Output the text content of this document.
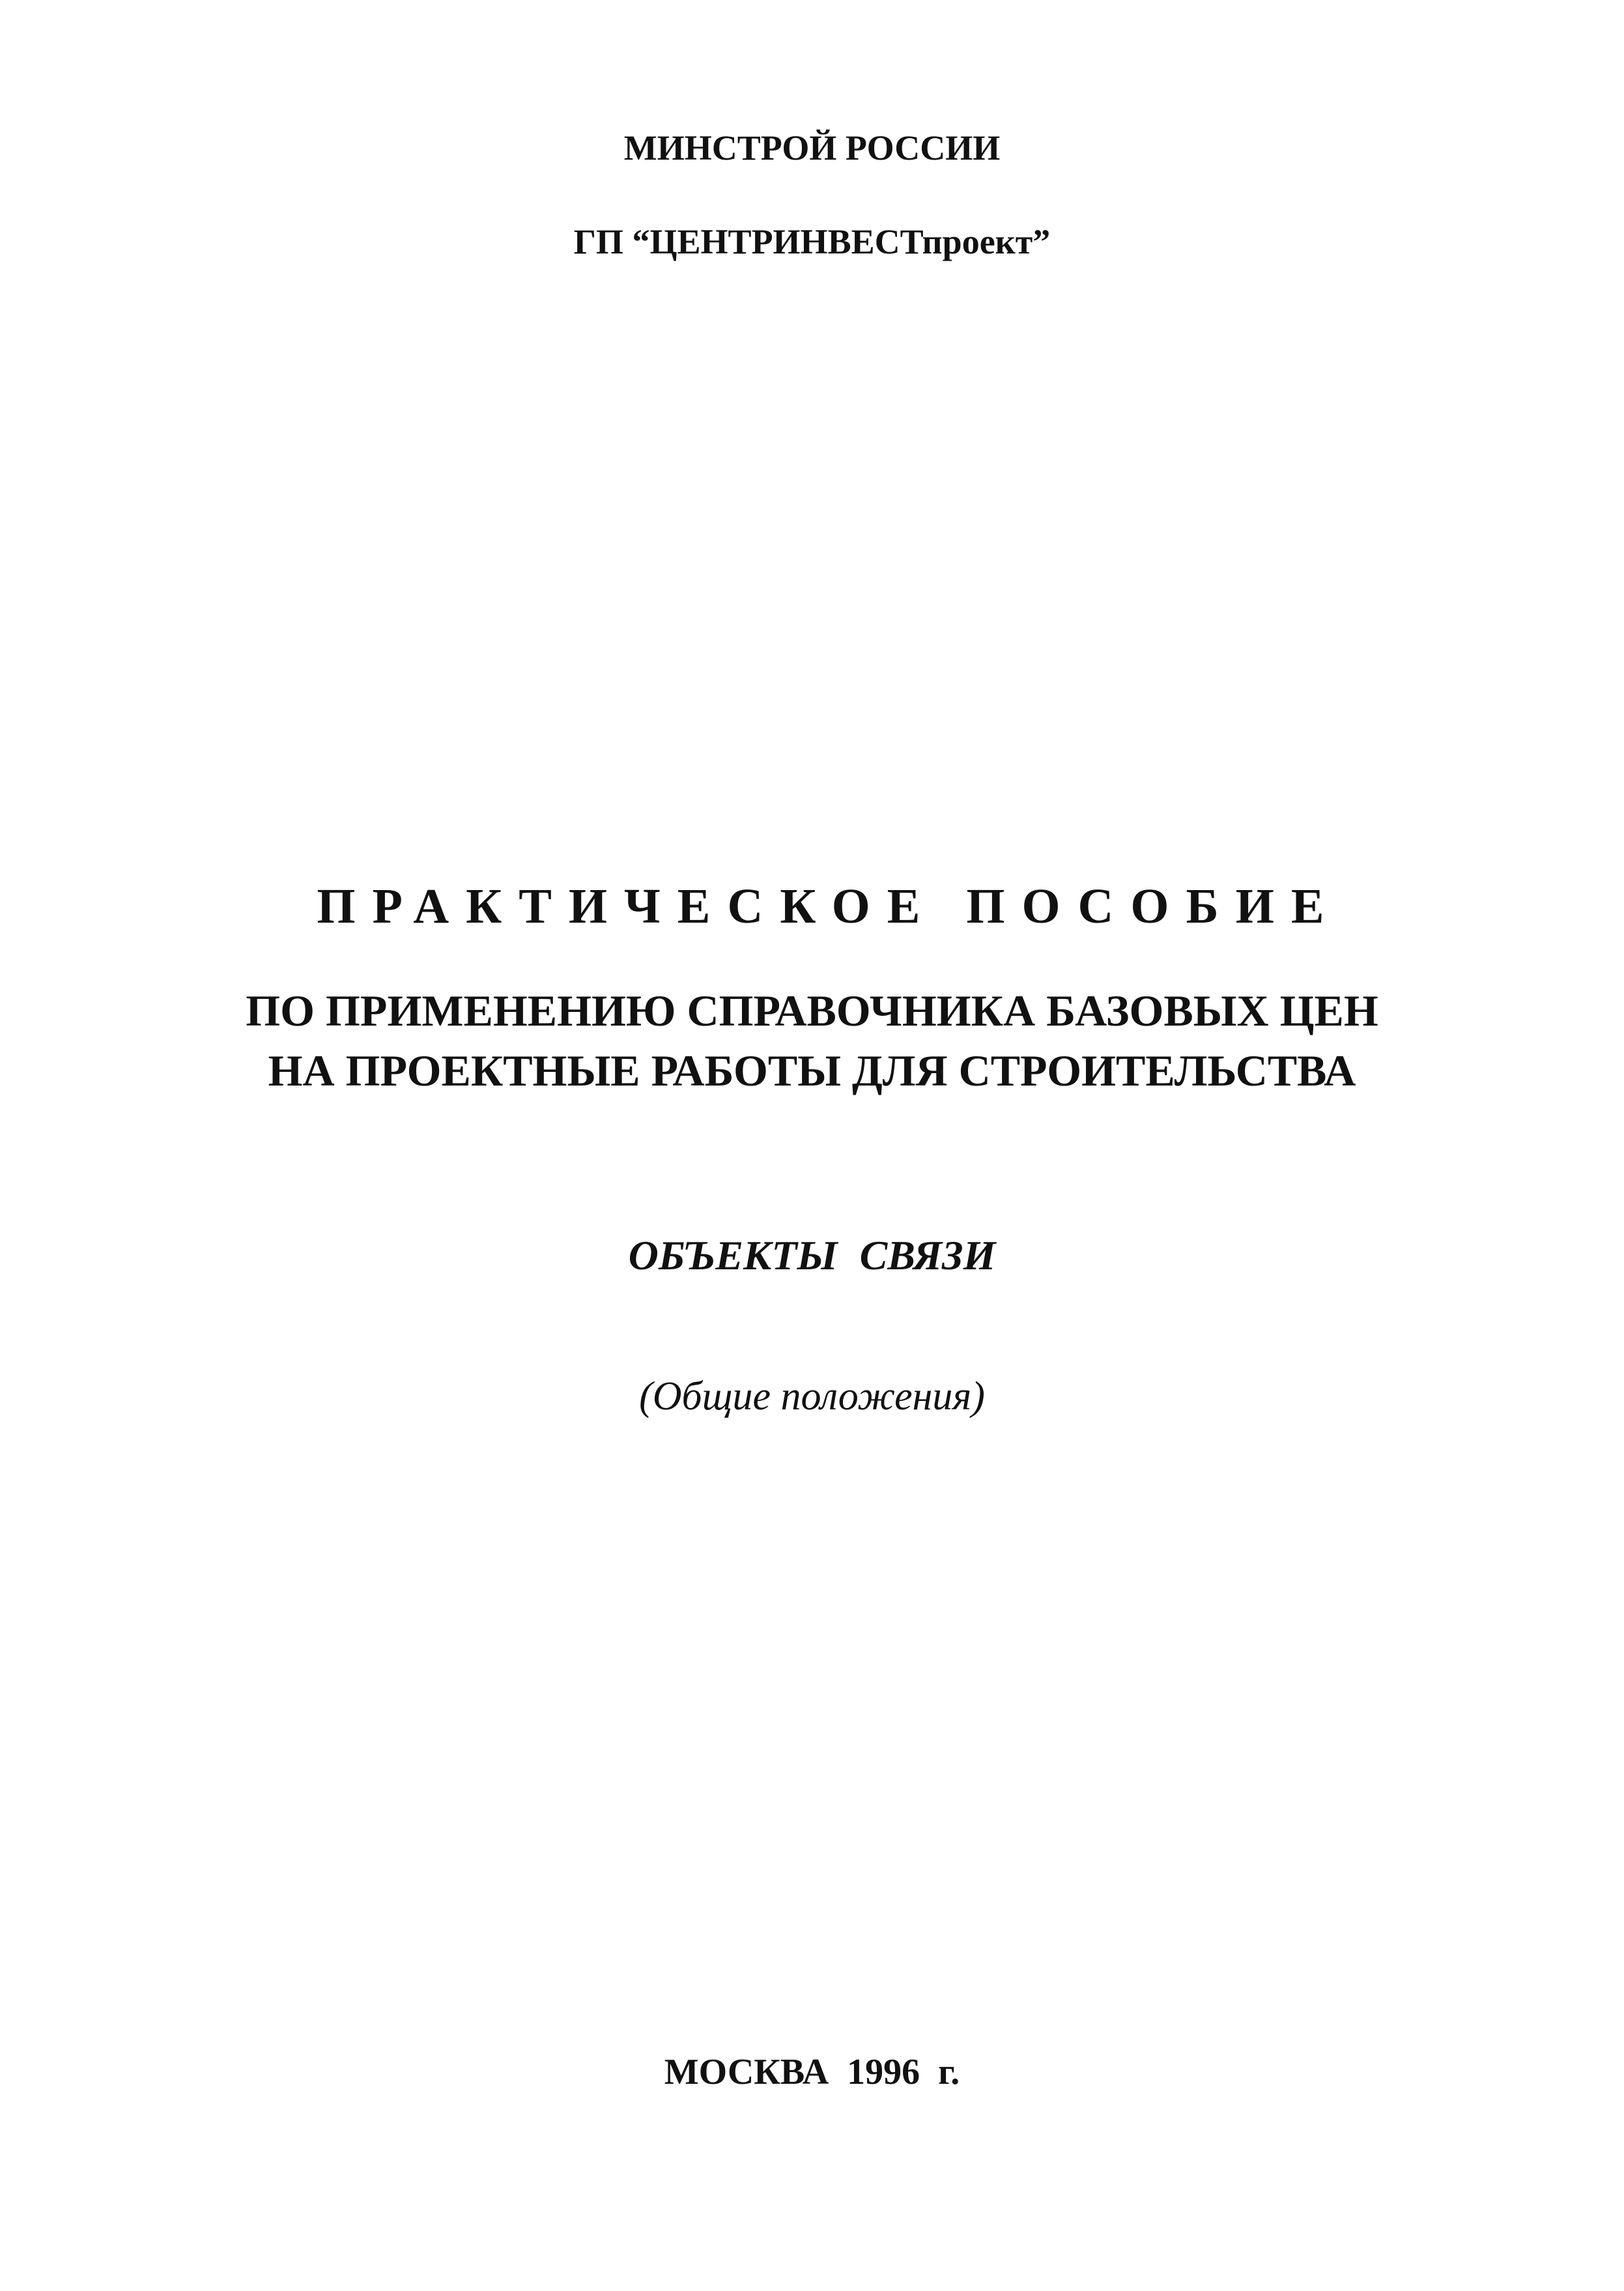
МИНСТРОЙ РОССИИ
ГП “ЦЕНТРИНВЕСТпроект”
ПРАКТИЧЕСКОЕ ПОСОБИЕ
ПО ПРИМЕНЕНИЮ СПРАВОЧНИКА БАЗОВЫХ ЦЕН
НА ПРОЕКТНЫЕ РАБОТЫ ДЛЯ СТРОИТЕЛЬСТВА
ОБЪЕКТЫ СВЯЗИ
(Общие положения)
МОСКВА 1996 г.
